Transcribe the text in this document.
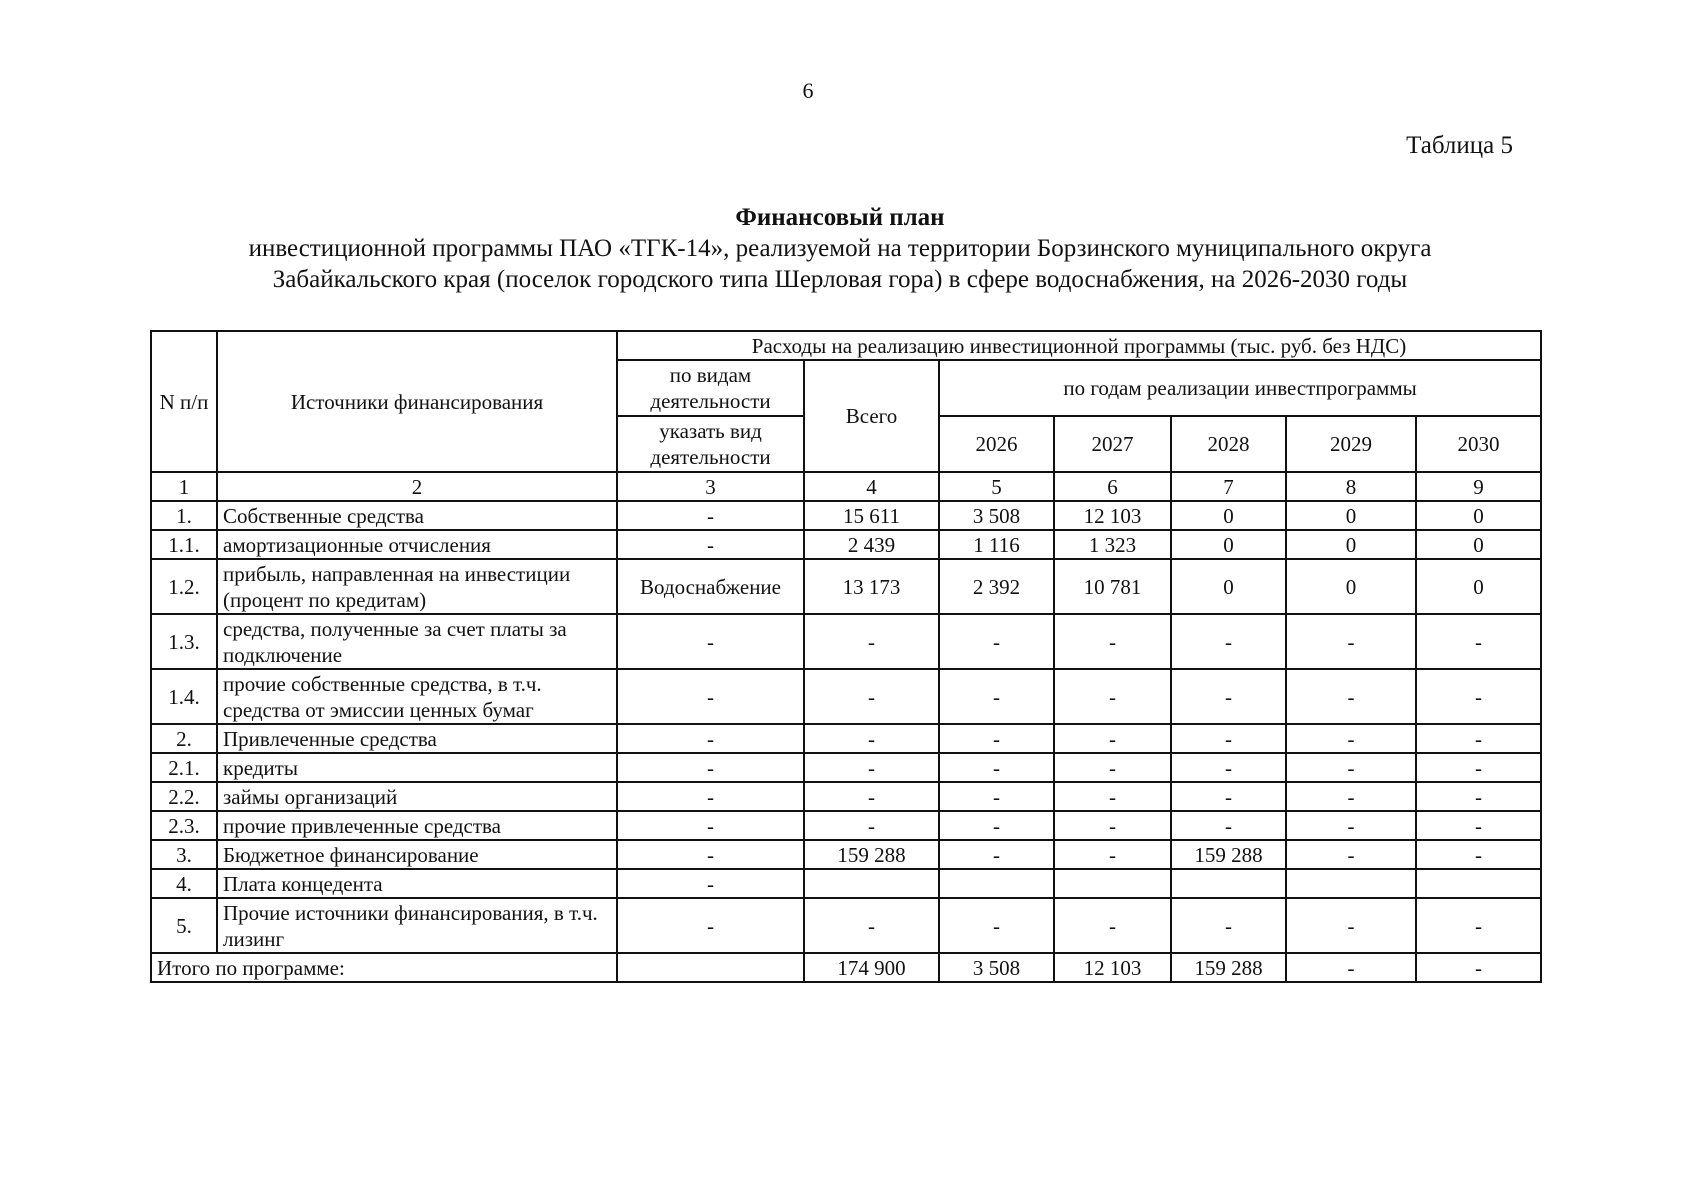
6
Таблица 5
Финансовый план
инвестиционной программы ПАО «ТГК-14», реализуемой на территории Борзинского муниципального округа
Забайкальского края (поселок городского типа Шерловая гора) в сфере водоснабжения, на 2026-2030 годы
N п/п	Источники финансирования	Расходы на реализацию инвестиционной программы (тыс. руб. без НДС)						
		по видам деятельности	Всего	по годам реализации инвестпрограммы				
		указать вид деятельности		2026	2027	2028	2029	2030
1	2	3	4	5	6	7	8	9
1.	Собственные средства	-	15 611	3 508	12 103	0	0	0
1.1.	амортизационные отчисления	-	2 439	1 116	1 323	0	0	0
1.2.	прибыль, направленная на инвестиции (процент по кредитам)	Водоснабжение	13 173	2 392	10 781	0	0	0
1.3.	средства, полученные за счет платы за подключение	-	-	-	-	-	-	-
1.4.	прочие собственные средства, в т.ч. средства от эмиссии ценных бумаг	-	-	-	-	-	-	-
2.	Привлеченные средства	-	-	-	-	-	-	-
2.1.	кредиты	-	-	-	-	-	-	-
2.2.	займы организаций	-	-	-	-	-	-	-
2.3.	прочие привлеченные средства	-	-	-	-	-	-	-
3.	Бюджетное финансирование	-	159 288	-	-	159 288	-	-
4.	Плата концедента	-						
5.	Прочие источники финансирования, в т.ч. лизинг	-	-	-	-	-	-	-
Итого по программе:			174 900	3 508	12 103	159 288	-	-
